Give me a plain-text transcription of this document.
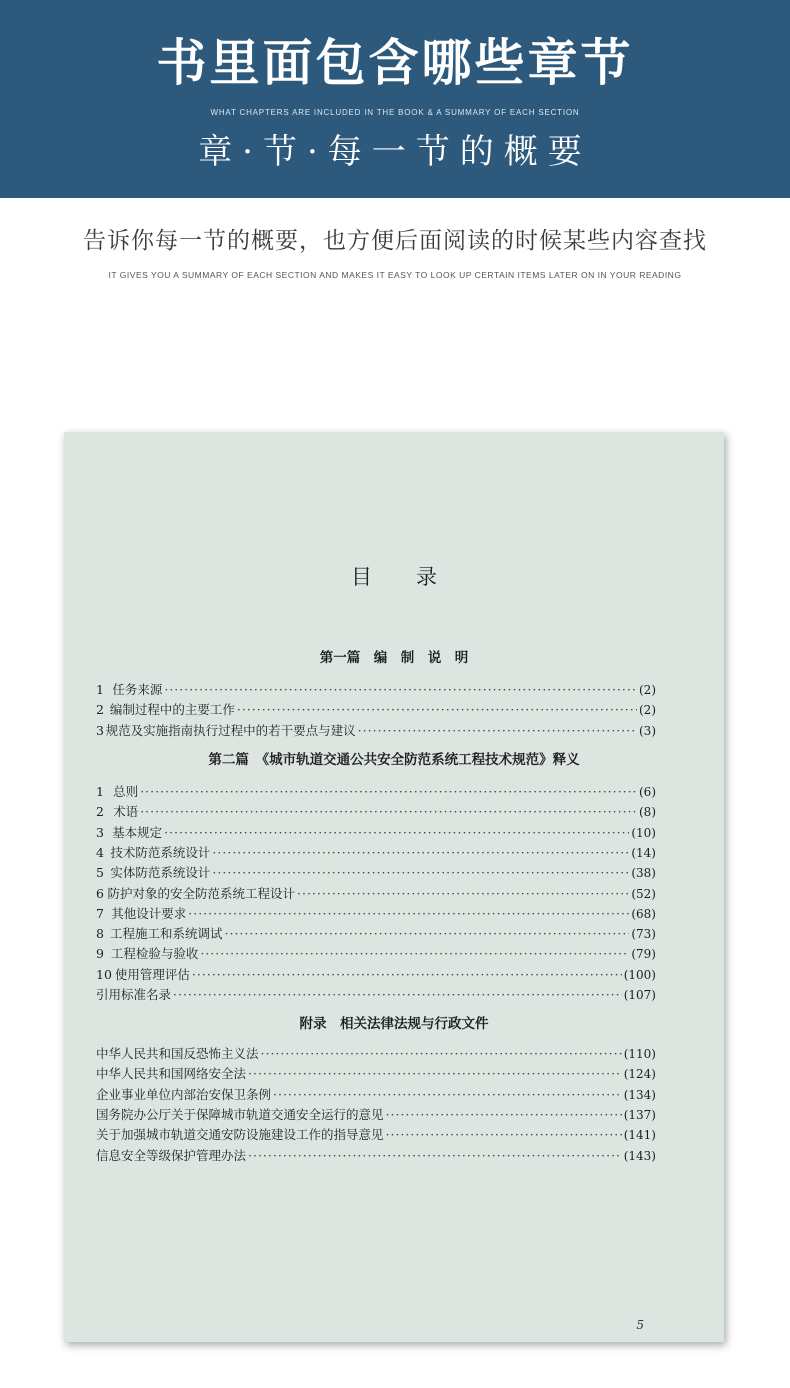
书里面包含哪些章节
WHAT CHAPTERS ARE INCLUDED IN THE BOOK & A SUMMARY OF EACH SECTION
章·节·每一节的概要
告诉你每一节的概要，也方便后面阅读的时候某些内容查找
IT GIVES YOU A SUMMARY OF EACH SECTION AND MAKES IT EASY TO LOOK UP CERTAIN ITEMS LATER ON IN YOUR READING
目录
5
第一篇　编　制　说　明
1 任务来源 ·····	(2)
2 编制过程中的主要工作 ·····	(2)
3 规范及实施指南执行过程中的若干要点与建议 ·····	(3)
第二篇　《城市轨道交通公共安全防范系统工程技术规范》释义
1 总则 ·····	(6)
2 术语 ·····	(8)
3 基本规定 ·····	(10)
4 技术防范系统设计 ·····	(14)
5 实体防范系统设计 ·····	(38)
6 防护对象的安全防范系统工程设计 ·····	(52)
7 其他设计要求 ·····	(68)
8 工程施工和系统调试 ·····	(73)
9 工程检验与验收 ·····	(79)
10 使用管理评估 ·····	(100)
引用标准名录 ·····	(107)
附录　相关法律法规与行政文件
中华人民共和国反恐怖主义法 ·····	(110)
中华人民共和国网络安全法 ·····	(124)
企业事业单位内部治安保卫条例 ·····	(134)
国务院办公厅关于保障城市轨道交通安全运行的意见 ·····	(137)
关于加强城市轨道交通安防设施建设工作的指导意见 ·····	(141)
信息安全等级保护管理办法 ·····	(143)
